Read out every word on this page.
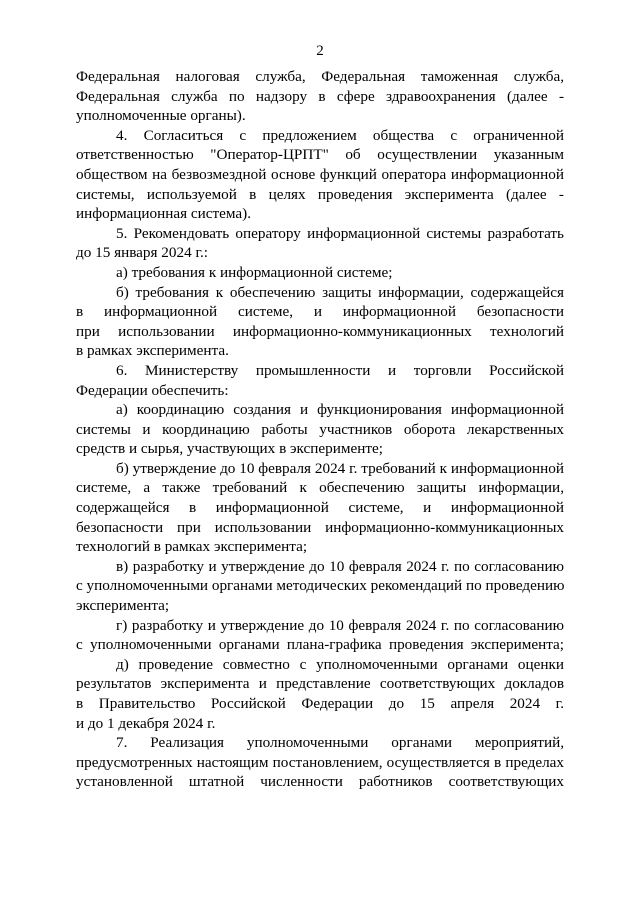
2
Федеральная налоговая служба, Федеральная таможенная служба,
Федеральная служба по надзору в сфере здравоохранения (далее -
уполномоченные органы).
4. Согласиться с предложением общества с ограниченной
ответственностью "Оператор-ЦРПТ" об осуществлении указанным
обществом на безвозмездной основе функций оператора информационной
системы, используемой в целях проведения эксперимента (далее -
информационная система).
5. Рекомендовать оператору информационной системы разработать
до 15 января 2024 г.:
а) требования к информационной системе;
б) требования к обеспечению защиты информации, содержащейся
в информационной системе, и информационной безопасности
при использовании информационно-коммуникационных технологий
в рамках эксперимента.
6. Министерству промышленности и торговли Российской
Федерации обеспечить:
а) координацию создания и функционирования информационной
системы и координацию работы участников оборота лекарственных
средств и сырья, участвующих в эксперименте;
б) утверждение до 10 февраля 2024 г. требований к информационной
системе, а также требований к обеспечению защиты информации,
содержащейся в информационной системе, и информационной
безопасности при использовании информационно-коммуникационных
технологий в рамках эксперимента;
в) разработку и утверждение до 10 февраля 2024 г. по согласованию
с уполномоченными органами методических рекомендаций по проведению
эксперимента;
г) разработку и утверждение до 10 февраля 2024 г. по согласованию
с уполномоченными органами плана-графика проведения эксперимента;
д) проведение совместно с уполномоченными органами оценки
результатов эксперимента и представление соответствующих докладов
в Правительство Российской Федерации до 15 апреля 2024 г.
и до 1 декабря 2024 г.
7. Реализация уполномоченными органами мероприятий,
предусмотренных настоящим постановлением, осуществляется в пределах
установленной штатной численности работников соответствующих
